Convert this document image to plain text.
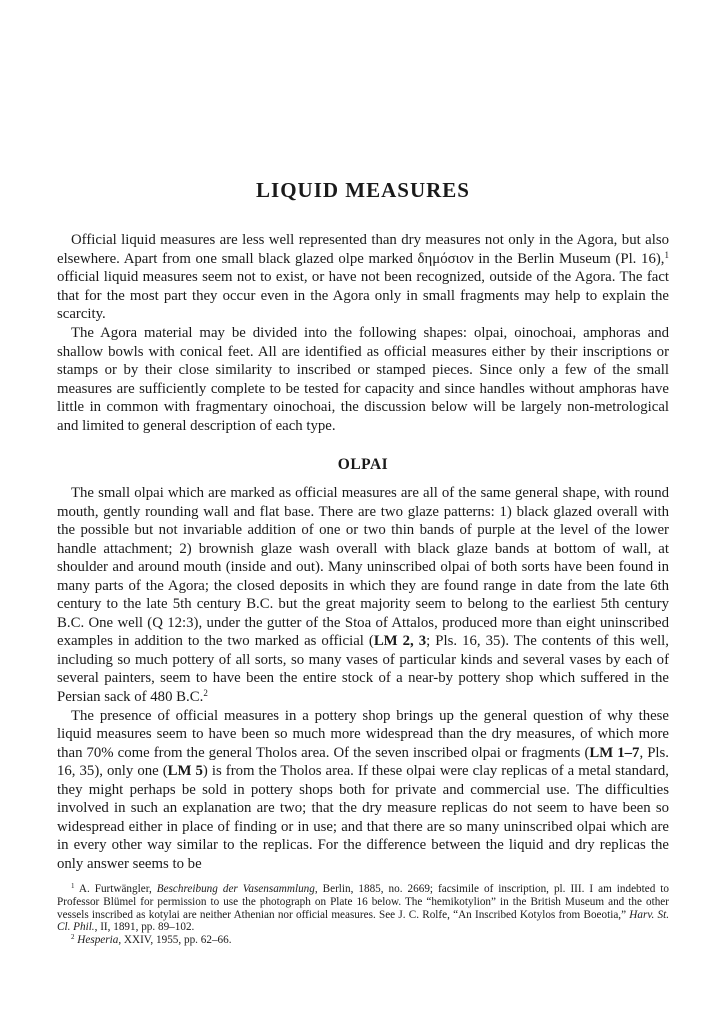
LIQUID MEASURES

Official liquid measures are less well represented than dry measures not only in the Agora, but also elsewhere. Apart from one small black glazed olpe marked δημόσιον in the Berlin Museum (Pl. 16),$^1$ official liquid measures seem not to exist, or have not been recognized, outside of the Agora. The fact that for the most part they occur even in the Agora only in small fragments may help to explain the scarcity.

The Agora material may be divided into the following shapes: olpai, oinochoai, amphoras and shallow bowls with conical feet. All are identified as official measures either by their inscriptions or stamps or by their close similarity to inscribed or stamped pieces. Since only a few of the small measures are sufficiently complete to be tested for capacity and since handles without amphoras have little in common with fragmentary oinochoai, the discussion below will be largely non-metrological and limited to general description of each type.

OLPAI

The small olpai which are marked as official measures are all of the same general shape, with round mouth, gently rounding wall and flat base. There are two glaze patterns: 1) black glazed overall with the possible but not invariable addition of one or two thin bands of purple at the level of the lower handle attachment; 2) brownish glaze wash overall with black glaze bands at bottom of wall, at shoulder and around mouth (inside and out). Many uninscribed olpai of both sorts have been found in many parts of the Agora; the closed deposits in which they are found range in date from the late 6th century to the late 5th century B.C. but the great majority seem to belong to the earliest 5th century B.C. One well (Q 12:3), under the gutter of the Stoa of Attalos, produced more than eight uninscribed examples in addition to the two marked as official (LM 2, 3; Pls. 16, 35). The contents of this well, including so much pottery of all sorts, so many vases of particular kinds and several vases by each of several painters, seem to have been the entire stock of a near-by pottery shop which suffered in the Persian sack of 480 B.C.$^2$

The presence of official measures in a pottery shop brings up the general question of why these liquid measures seem to have been so much more widespread than the dry measures, of which more than 70% come from the general Tholos area. Of the seven inscribed olpai or fragments (LM 1–7, Pls. 16, 35), only one (LM 5) is from the Tholos area. If these olpai were clay replicas of a metal standard, they might perhaps be sold in pottery shops both for private and commercial use. The difficulties involved in such an explanation are two; that the dry measure replicas do not seem to have been so widespread either in place of finding or in use; and that there are so many uninscribed olpai which are in every other way similar to the replicas. For the difference between the liquid and dry replicas the only answer seems to be

$^1$ A. Furtwängler, Beschreibung der Vasensammlung, Berlin, 1885, no. 2669; facsimile of inscription, pl. III. I am indebted to Professor Blümel for permission to use the photograph on Plate 16 below. The “hemikotylion” in the British Museum and the other vessels inscribed as kotylai are neither Athenian nor official measures. See J. C. Rolfe, “An Inscribed Kotylos from Boeotia,” Harv. St. Cl. Phil., II, 1891, pp. 89–102.

$^2$ Hesperia, XXIV, 1955, pp. 62–66.
